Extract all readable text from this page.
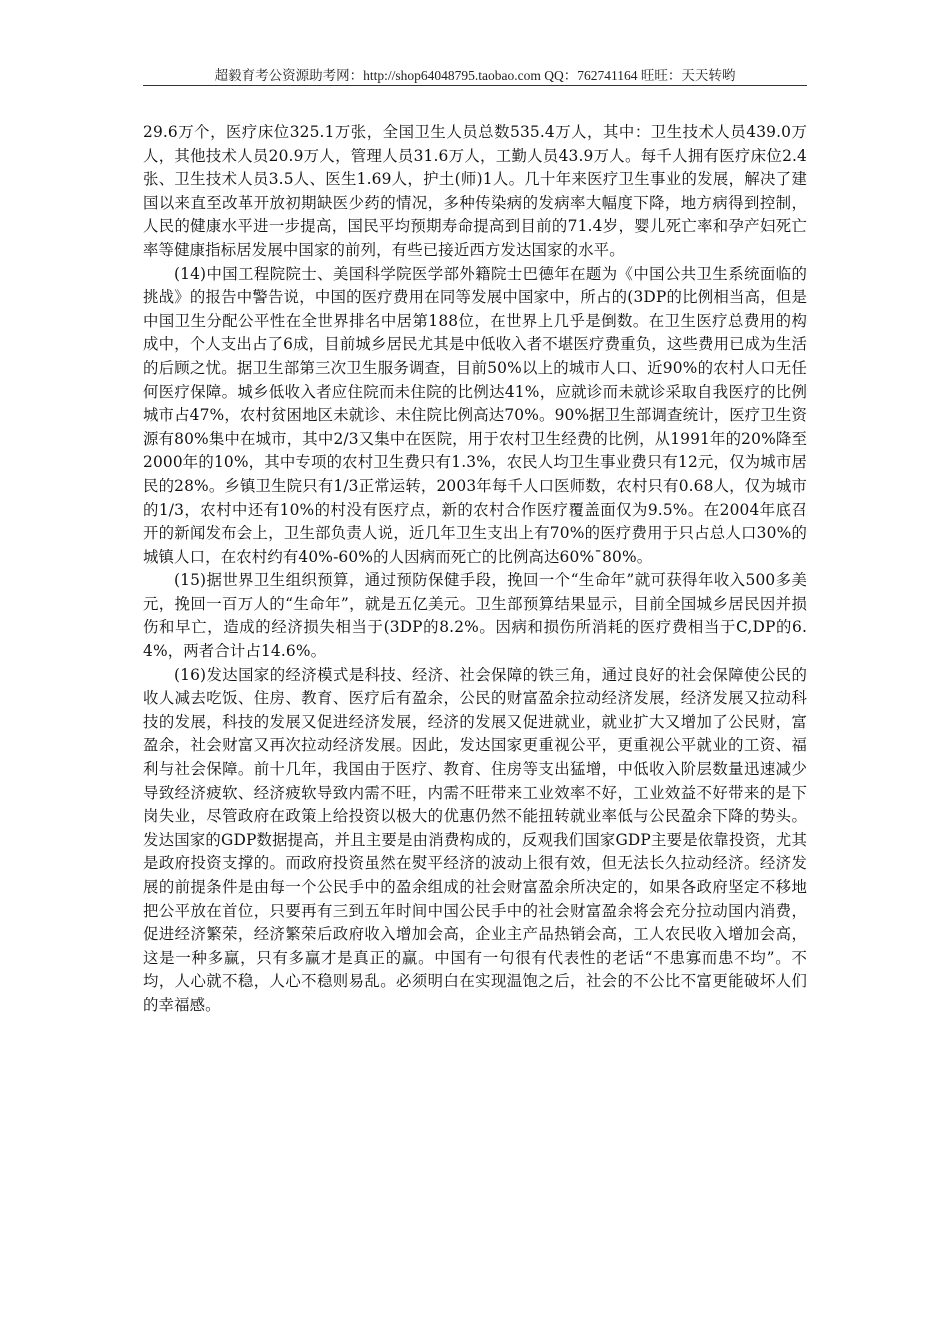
超毅育考公资源助考网：http://shop64048795.taobao.com QQ：762741164 旺旺：天天转哟

29.6万个，医疗床位325.1万张，全国卫生人员总数535.4万人，其中：卫生技术人员439.0万人，其他技术人员20.9万人，管理人员31.6万人，工勤人员43.9万人。每千人拥有医疗床位2.4张、卫生技术人员3.5人、医生1.69人，护土(师)1人。几十年来医疗卫生事业的发展，解决了建国以来直至改革开放初期缺医少药的情况，多种传染病的发病率大幅度下降，地方病得到控制，人民的健康水平进一步提高，国民平均预期寿命提高到目前的71.4岁，婴儿死亡率和孕产妇死亡率等健康指标居发展中国家的前列，有些已接近西方发达国家的水平。

(14)中国工程院院士、美国科学院医学部外籍院士巴德年在题为《中国公共卫生系统面临的挑战》的报告中警告说，中国的医疗费用在同等发展中国家中，所占的(3DP的比例相当高，但是中国卫生分配公平性在全世界排名中居第188位，在世界上几乎是倒数。在卫生医疗总费用的构成中，个人支出占了6成，目前城乡居民尤其是中低收入者不堪医疗费重负，这些费用已成为生活的后顾之忧。据卫生部第三次卫生服务调查，目前50%以上的城市人口、近90%的农村人口无任何医疗保障。城乡低收入者应住院而未住院的比例达41%，应就诊而未就诊采取自我医疗的比例城市占47%，农村贫困地区未就诊、未住院比例高达70%。90%据卫生部调查统计，医疗卫生资源有80%集中在城市，其中2/3又集中在医院，用于农村卫生经费的比例，从1991年的20%降至2000年的10%，其中专项的农村卫生费只有1.3%，农民人均卫生事业费只有12元，仅为城市居民的28%。乡镇卫生院只有1/3正常运转，2003年每千人口医师数，农村只有0.68人，仅为城市的1/3，农村中还有10%的村没有医疗点，新的农村合作医疗覆盖面仅为9.5%。在2004年底召开的新闻发布会上，卫生部负责人说，近几年卫生支出上有70%的医疗费用于只占总人口30%的城镇人口，在农村约有40%-60%的人因病而死亡的比例高达60%¯80%。

(15)据世界卫生组织预算，通过预防保健手段，挽回一个“生命年”就可获得年收入500多美元，挽回一百万人的“生命年”，就是五亿美元。卫生部预算结果显示，目前全国城乡居民因并损伤和早亡，造成的经济损失相当于(3DP的8.2%。因病和损伤所消耗的医疗费相当于C,DP的6.4%，两者合计占14.6%。

(16)发达国家的经济模式是科技、经济、社会保障的铁三角，通过良好的社会保障使公民的收人减去吃饭、住房、教育、医疗后有盈余，公民的财富盈余拉动经济发展，经济发展又拉动科技的发展，科技的发展又促进经济发展，经济的发展又促进就业，就业扩大又增加了公民财，富盈余，社会财富又再次拉动经济发展。因此，发达国家更重视公平，更重视公平就业的工资、福利与社会保障。前十几年，我国由于医疗、教育、住房等支出猛增，中低收入阶层数量迅速减少导致经济疲软、经济疲软导致内需不旺，内需不旺带来工业效率不好，工业效益不好带来的是下岗失业，尽管政府在政策上给投资以极大的优惠仍然不能扭转就业率低与公民盈余下降的势头。发达国家的GDP数据提高，并且主要是由消费构成的，反观我们国家GDP主要是依靠投资，尤其是政府投资支撑的。而政府投资虽然在熨平经济的波动上很有效，但无法长久拉动经济。经济发展的前提条件是由每一个公民手中的盈余组成的社会财富盈余所决定的，如果各政府坚定不移地把公平放在首位，只要再有三到五年时间中国公民手中的社会财富盈余将会充分拉动国内消费，促进经济繁荣，经济繁荣后政府收入增加会高，企业主产品热销会高，工人农民收入增加会高，这是一种多赢，只有多赢才是真正的赢。中国有一句很有代表性的老话“不患寡而患不均”。不均，人心就不稳，人心不稳则易乱。必须明白在实现温饱之后，社会的不公比不富更能破坏人们的幸福感。
